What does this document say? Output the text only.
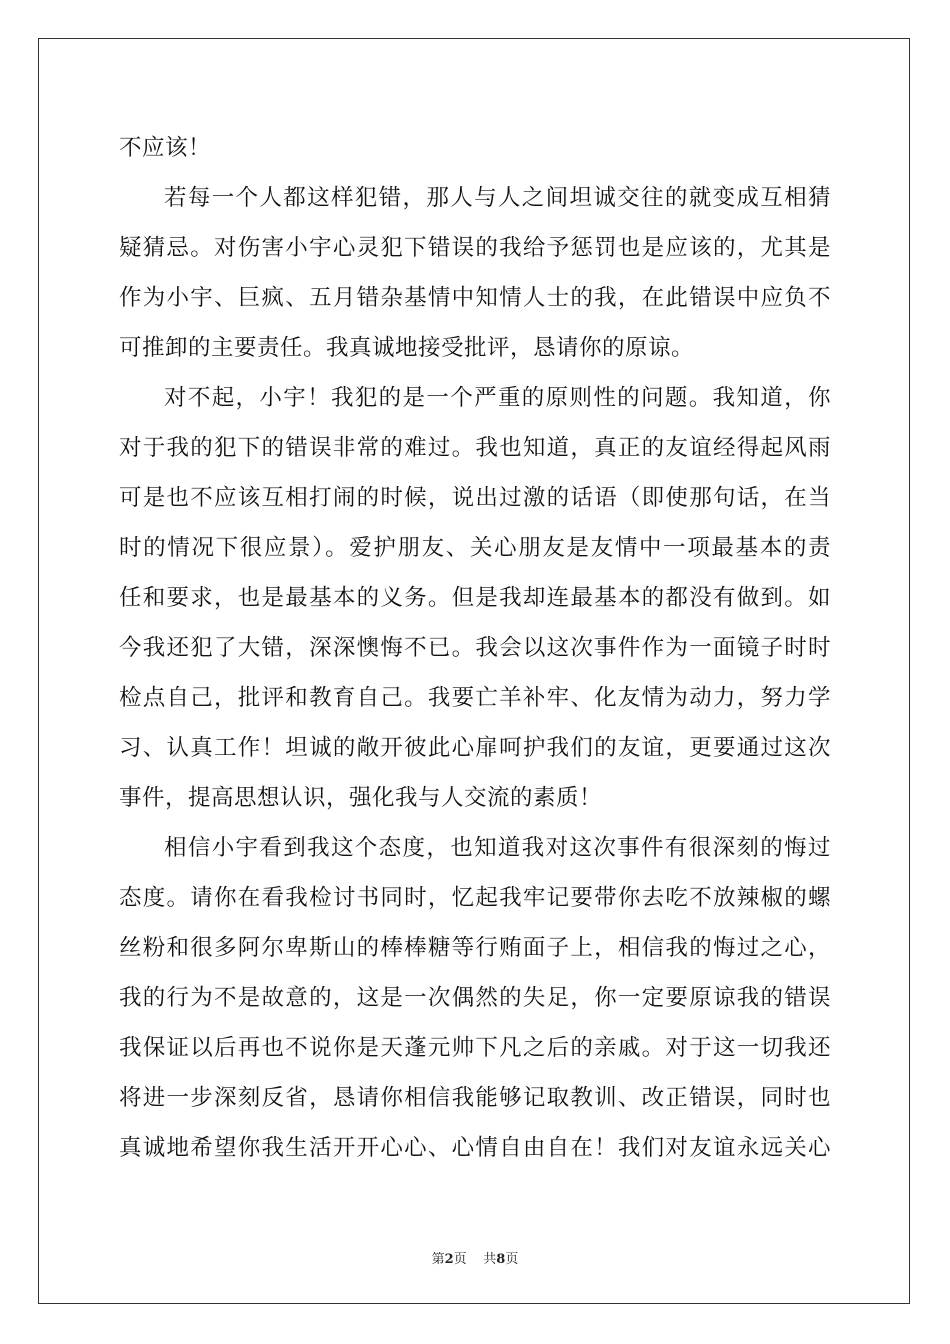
不应该！
若每一个人都这样犯错，那人与人之间坦诚交往的就变成互相猜
疑猜忌。对伤害小宇心灵犯下错误的我给予惩罚也是应该的，尤其是
作为小宇、巨疯、五月错杂基情中知情人士的我，在此错误中应负不
可推卸的主要责任。我真诚地接受批评，恳请你的原谅。
对不起，小宇！我犯的是一个严重的原则性的问题。我知道，你
对于我的犯下的错误非常的难过。我也知道，真正的友谊经得起风雨
可是也不应该互相打闹的时候，说出过激的话语（即使那句话，在当
时的情况下很应景）。爱护朋友、关心朋友是友情中一项最基本的责
任和要求，也是最基本的义务。但是我却连最基本的都没有做到。如
今我还犯了大错，深深懊悔不已。我会以这次事件作为一面镜子时时
检点自己，批评和教育自己。我要亡羊补牢、化友情为动力，努力学
习、认真工作！坦诚的敞开彼此心扉呵护我们的友谊，更要通过这次
事件，提高思想认识，强化我与人交流的素质！
相信小宇看到我这个态度，也知道我对这次事件有很深刻的悔过
态度。请你在看我检讨书同时，忆起我牢记要带你去吃不放辣椒的螺
丝粉和很多阿尔卑斯山的棒棒糖等行贿面子上，相信我的悔过之心，
我的行为不是故意的，这是一次偶然的失足，你一定要原谅我的错误
我保证以后再也不说你是天蓬元帅下凡之后的亲戚。对于这一切我还
将进一步深刻反省，恳请你相信我能够记取教训、改正错误，同时也
真诚地希望你我生活开开心心、心情自由自在！我们对友谊永远关心
第2页 共8页
